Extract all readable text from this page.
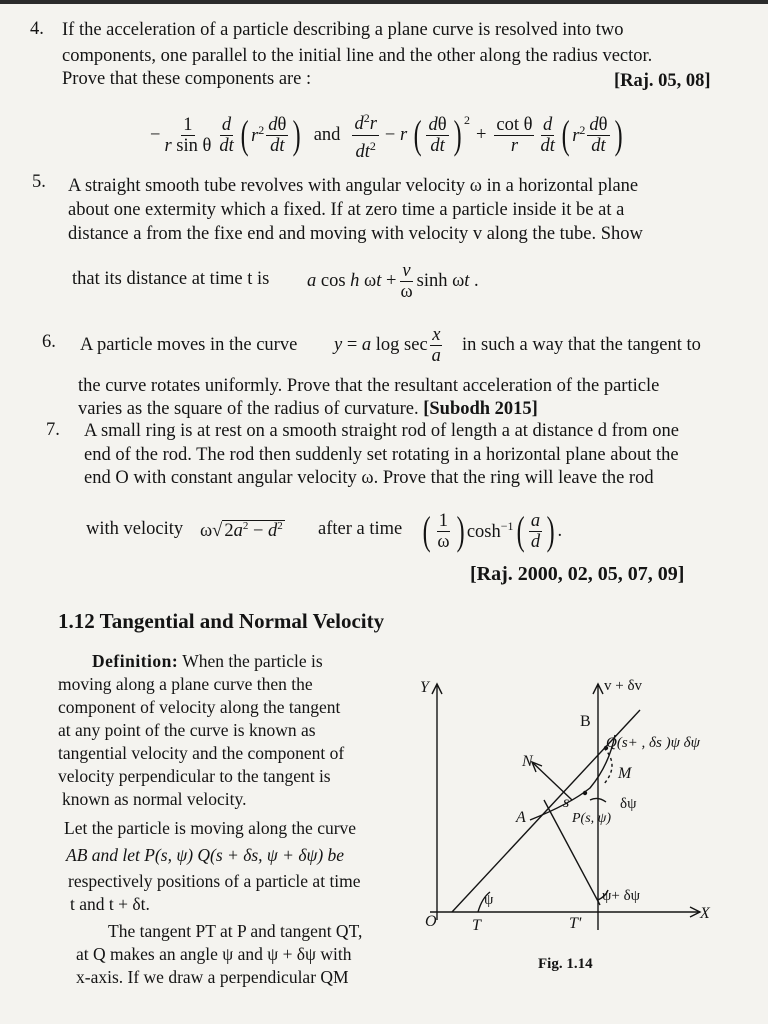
4. If the acceleration of a particle describing a plane curve is resolved into two
components, one parallel to the initial line and the other along the radius vector.
Prove that these components are :	[Raj. 05, 08]
− $\frac{1}{\text{r sin θ}} \frac{d}{dt}$ ( $r^2 \frac{d\theta}{dt}$ ) and $\frac{d^2r}{dt^2} - r$ ( $\frac{d\theta}{dt} )^2$
+ $\frac{\text{cot θ}}{r} \frac{d}{dt}$ ( $r^2 \frac{d\theta}{dt}$ )
5. A straight smooth tube revolves with angular velocity ω in a horizontal plane
about one extermity which a fixed. If at zero time a particle inside it be at a
distance a from the fixe end and moving with velocity v along the tube. Show
that its distance at time t is a cos h $\omega t + \frac{v}{\omega}$ sinh ωt .
6. A particle moves in the curve y = a $\log \sec \frac{x}{a}$ in such a way that the tangent to
the curve rotates uniformly. Prove that the resultant acceleration of the particle
varies as the square of the radius of curvature. [Subodh 2015]
7. A small ring is at rest on a smooth straight rod of length a at distance d from one
end of the rod. The rod then suddenly set rotating in a horizontal plane about the
end O with constant angular velocity ω. Prove that the ring will leave the rod
with velocity ω√ $2a^2 - d^2$ after a time ( $\frac{1}{\omega}$ ) $\cosh^{-1}$ ( $\frac{a}{d}$ ) .
[Raj. 2000, 02, 05, 07, 09]
1.12 Tangential and Normal Velocity
Definition: When the particle is
moving along a plane curve then the
component of velocity along the tangent
at any point of the curve is known as
tangential velocity and the component of
velocity perpendicular to the tangent is
known as normal velocity.
Let the particle is moving along the curve
AB and let P(s, ψ) Q(s + δs, ψ + δψ) be
respectively positions of a particle at time
t and t + δt.
The tangent PT at P and tangent QT,
at Q makes an angle ψ and ψ + δψ with
x-axis. If we draw a perpendicular QM
Y
X
O T	T'
A
B
N
M
s
P(s, ψ)
Q(s+ , δs )ψ δψ
v + δv
ψ	ψ+ δψ
δψ
Fig. 1.14
